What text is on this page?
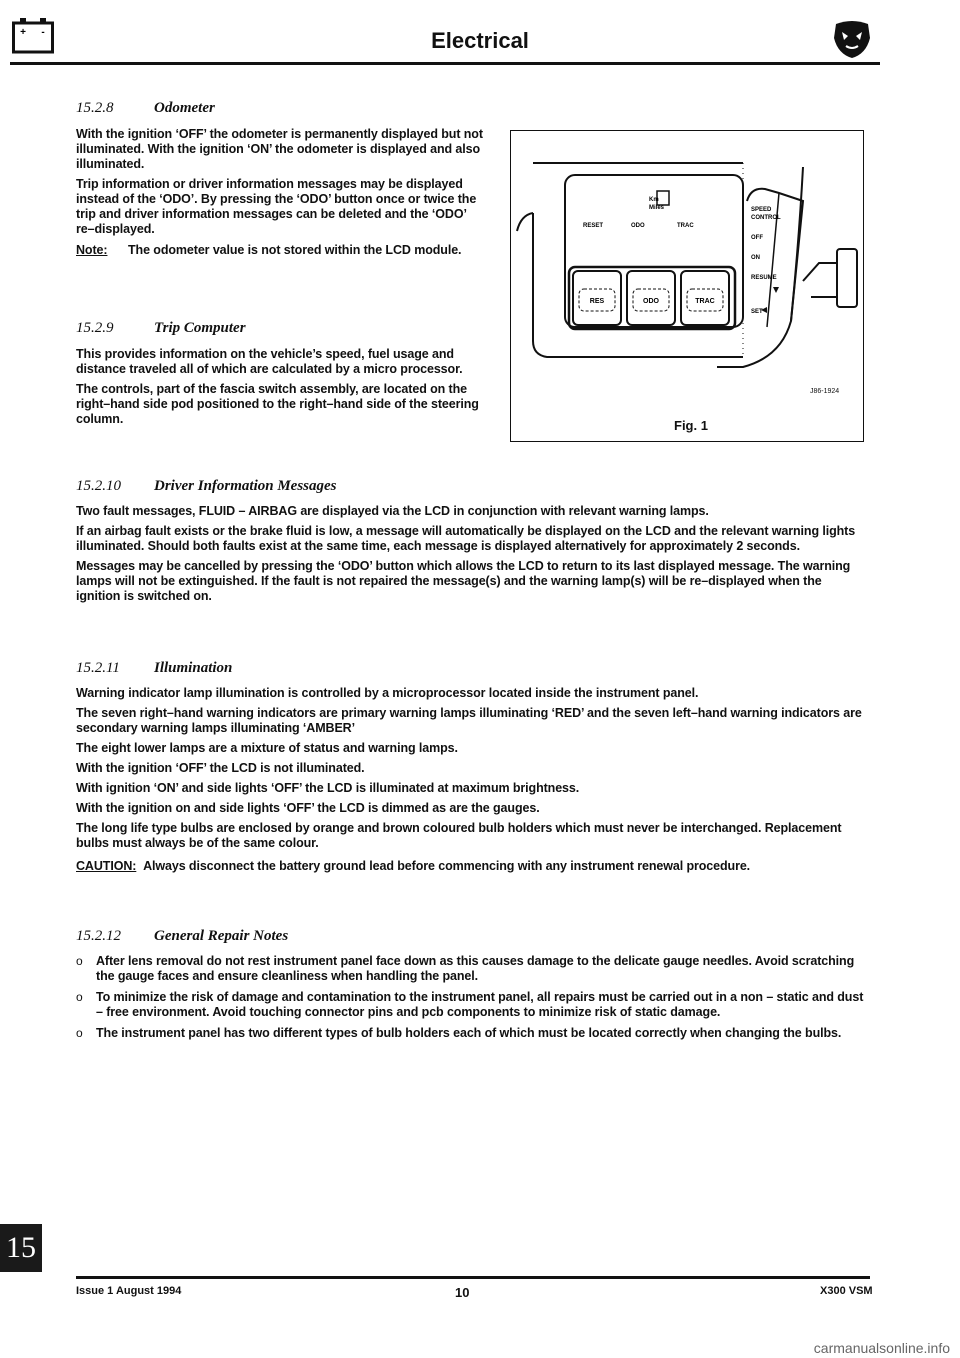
+ -	Electrical
15.2.8	Odometer

With the ignition ‘OFF’ the odometer is permanently displayed but not illuminated. With the ignition ‘ON’ the odometer is displayed and also illuminated.

Trip information or driver information messages may be displayed instead of the ‘ODO’. By pressing the ‘ODO’ button once or twice the trip and driver information messages can be deleted and the ‘ODO’ re–displayed.

Note:	The odometer value is not stored within the LCD module.

15.2.9	Trip Computer

This provides information on the vehicle’s speed, fuel usage and distance traveled all of which are calculated by a micro processor.

The controls, part of the fascia switch assembly, are located on the right–hand side pod positioned to the right–hand side of the steering column.

Km
Miles
RESET	ODO	TRAC
RES	ODO	TRAC
SPEED
CONTROL
OFF
ON
RESUME
SET
J86-1924
Fig. 1
15.2.10 Driver Information Messages

Two fault messages, FLUID – AIRBAG are displayed via the LCD in conjunction with relevant warning lamps.

If an airbag fault exists or the brake fluid is low, a message will automatically be displayed on the LCD and the relevant warning lights illuminated. Should both faults exist at the same time, each message is displayed alternatively for approximately 2 seconds.

Messages may be cancelled by pressing the ‘ODO’ button which allows the LCD to return to its last displayed message. The warning lamps will not be extinguished. If the fault is not repaired the message(s) and the warning lamp(s) will be re–displayed when the ignition is switched on.

15.2.11 Illumination

Warning indicator lamp illumination is controlled by a microprocessor located inside the instrument panel.

The seven right–hand warning indicators are primary warning lamps illuminating ‘RED’ and the seven left–hand warning indicators are secondary warning lamps illuminating ‘AMBER’

The eight lower lamps are a mixture of status and warning lamps.

With the ignition ‘OFF’ the LCD is not illuminated.

With ignition ‘ON’ and side lights ‘OFF’ the LCD is illuminated at maximum brightness.

With the ignition on and side lights ‘OFF’ the LCD is dimmed as are the gauges.

The long life type bulbs are enclosed by orange and brown coloured bulb holders which must never be interchanged. Replacement bulbs must always be of the same colour.

CAUTION: Always disconnect the battery ground lead before commencing with any instrument renewal procedure.

15.2.12 General Repair Notes
o	After lens removal do not rest instrument panel face down as this causes damage to the delicate gauge needles. Avoid scratching the gauge faces and ensure cleanliness when handling the panel.

o	To minimize the risk of damage and contamination to the instrument panel, all repairs must be carried out in a non – static and dust – free environment. Avoid touching connector pins and pcb components to minimize risk of static damage.

o	The instrument panel has two different types of bulb holders each of which must be located correctly when changing the bulbs.

15
Issue 1 August 1994	10	X300 VSM
carmanualsonline.info
